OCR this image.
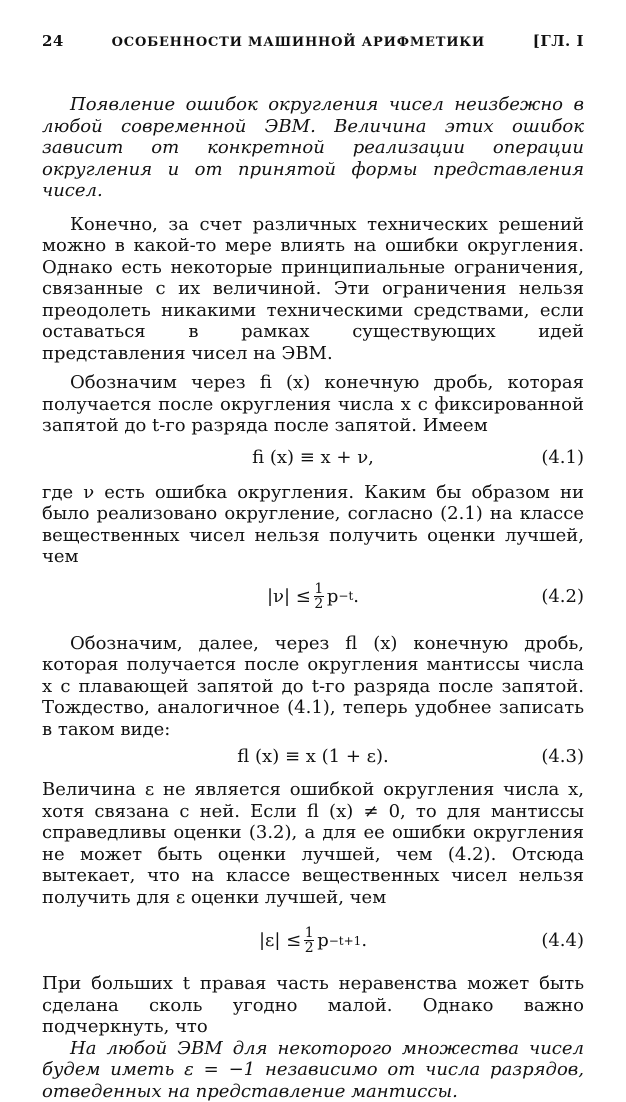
24	ОСОБЕННОСТИ МАШИННОЙ АРИФМЕТИКИ	[ГЛ. I

Появление ошибок округления чисел неизбежно в любой современной ЭВМ. Величина этих ошибок зависит от конкретной реализации операции округления и от принятой формы представления чисел.

Конечно, за счет различных технических решений можно в какой-то мере влиять на ошибки округления. Однако есть некоторые принципиальные ограничения, связанные с их величиной. Эти ограничения нельзя преодолеть никакими техническими средствами, если оставаться в рамках существующих идей представления чисел на ЭВМ.

Обозначим через fi (x) конечную дробь, которая получается после округления числа x с фиксированной запятой до t-го разряда после запятой. Имеем

fi (x) ≡ x + ν,	(4.1)

где ν есть ошибка округления. Каким бы образом ни было реализовано округление, согласно (2.1) на классе вещественных чисел нельзя получить оценки лучшей, чем

$|\nu| \le \frac{1}{2}$ p −t .	(4.2)

Обозначим, далее, через fl (x) конечную дробь, которая получается после округления мантиссы числа x с плавающей запятой до t-го разряда после запятой. Тождество, аналогичное (4.1), теперь удобнее записать в таком виде:

fl (x) ≡ x (1 + ε).	(4.3)

Величина ε не является ошибкой округления числа x, хотя связана с ней. Если fl (x) ≠ 0, то для мантиссы справедливы оценки (3.2), а для ее ошибки округления не может быть оценки лучшей, чем (4.2). Отсюда вытекает, что на классе вещественных чисел нельзя получить для ε оценки лучшей, чем

$|\varepsilon| \le \frac{1}{2}$ p −t+1 .	(4.4)

При больших t правая часть неравенства может быть сделана сколь угодно малой. Однако важно подчеркнуть, что

На любой ЭВМ для некоторого множества чисел будем иметь ε = −1 независимо от числа разрядов, отведенных на представление мантиссы.
